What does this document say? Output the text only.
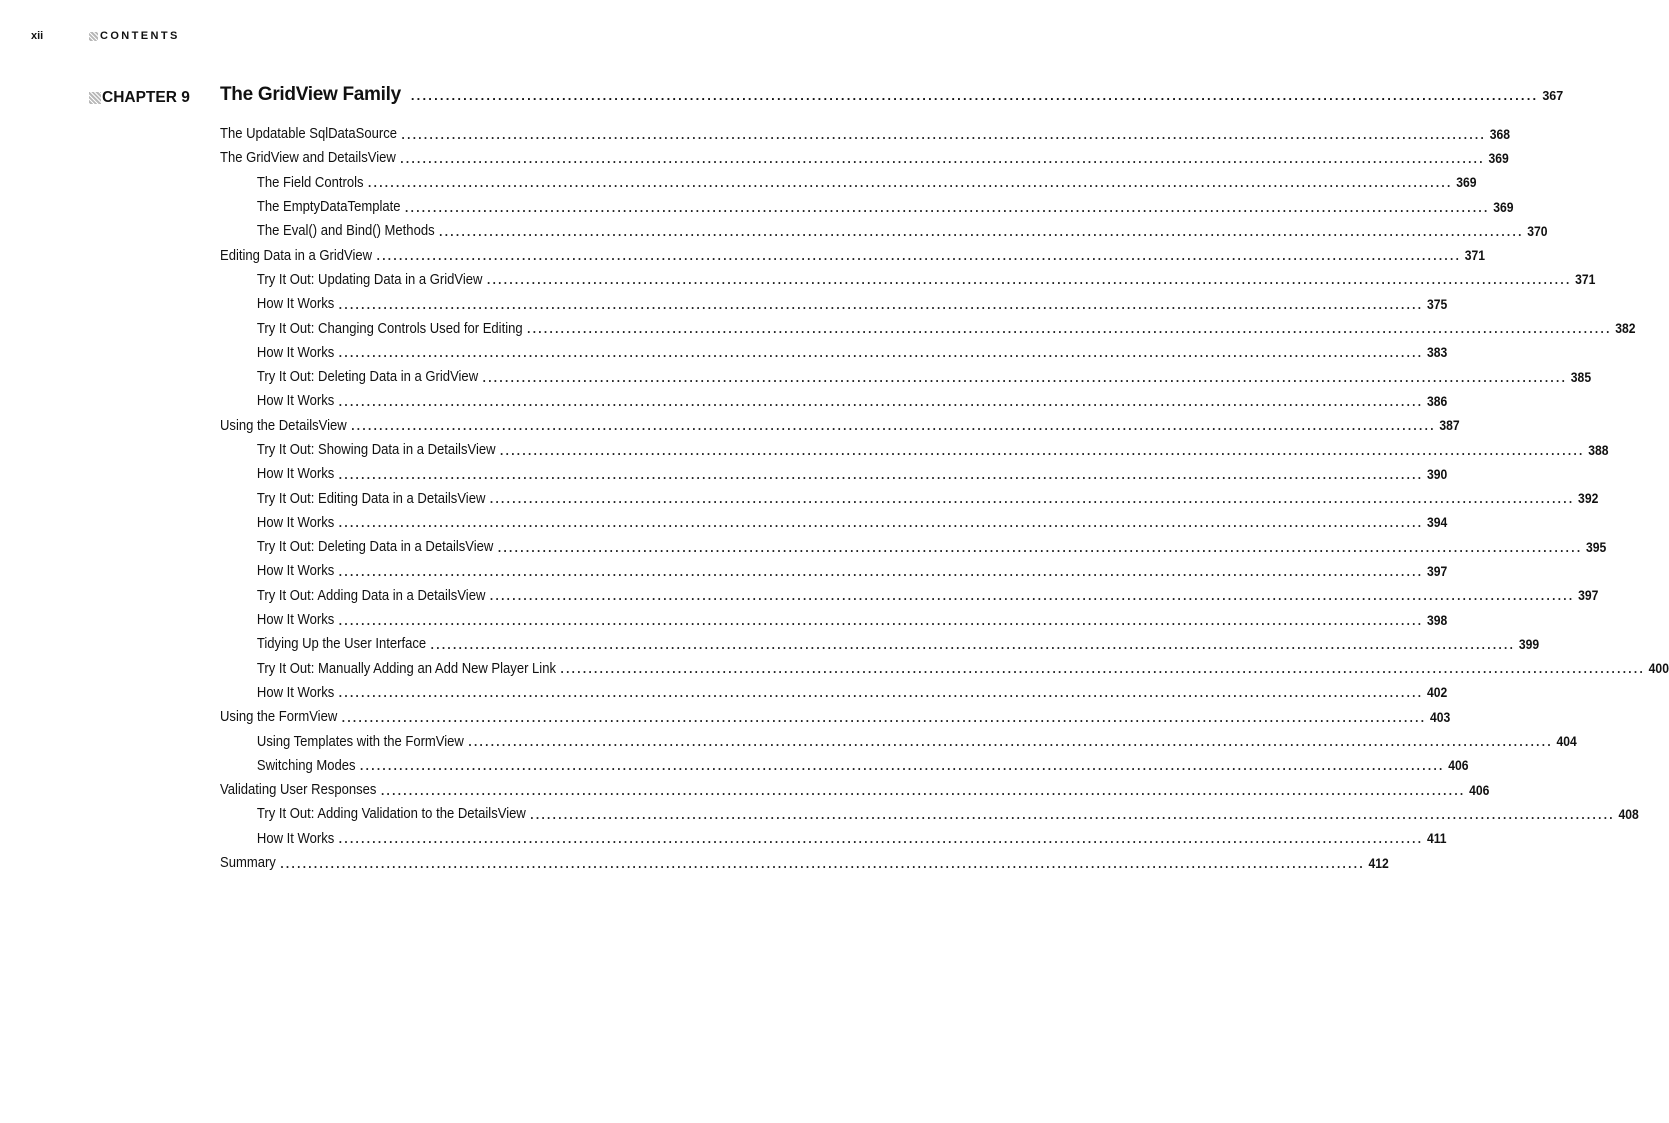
xii	CONTENTS
CHAPTER 9 The GridView Family .................................................................................................................................................................................................. 367
The Updatable SqlDataSource .................................................................................................................................................................................................. 368
The GridView and DetailsView .................................................................................................................................................................................................. 369
The Field Controls .................................................................................................................................................................................................. 369
The EmptyDataTemplate .................................................................................................................................................................................................. 369
The Eval() and Bind() Methods .................................................................................................................................................................................................. 370
Editing Data in a GridView .................................................................................................................................................................................................. 371
Try It Out: Updating Data in a GridView .................................................................................................................................................................................................. 371
How It Works .................................................................................................................................................................................................. 375
Try It Out: Changing Controls Used for Editing .................................................................................................................................................................................................. 382
How It Works .................................................................................................................................................................................................. 383
Try It Out: Deleting Data in a GridView .................................................................................................................................................................................................. 385
How It Works .................................................................................................................................................................................................. 386
Using the DetailsView .................................................................................................................................................................................................. 387
Try It Out: Showing Data in a DetailsView .................................................................................................................................................................................................. 388
How It Works .................................................................................................................................................................................................. 390
Try It Out: Editing Data in a DetailsView .................................................................................................................................................................................................. 392
How It Works .................................................................................................................................................................................................. 394
Try It Out: Deleting Data in a DetailsView .................................................................................................................................................................................................. 395
How It Works .................................................................................................................................................................................................. 397
Try It Out: Adding Data in a DetailsView .................................................................................................................................................................................................. 397
How It Works .................................................................................................................................................................................................. 398
Tidying Up the User Interface .................................................................................................................................................................................................. 399
Try It Out: Manually Adding an Add New Player Link .................................................................................................................................................................................................. 400
How It Works .................................................................................................................................................................................................. 402
Using the FormView .................................................................................................................................................................................................. 403
Using Templates with the FormView .................................................................................................................................................................................................. 404
Switching Modes .................................................................................................................................................................................................. 406
Validating User Responses .................................................................................................................................................................................................. 406
Try It Out: Adding Validation to the DetailsView .................................................................................................................................................................................................. 408
How It Works .................................................................................................................................................................................................. 411
Summary .................................................................................................................................................................................................. 412
